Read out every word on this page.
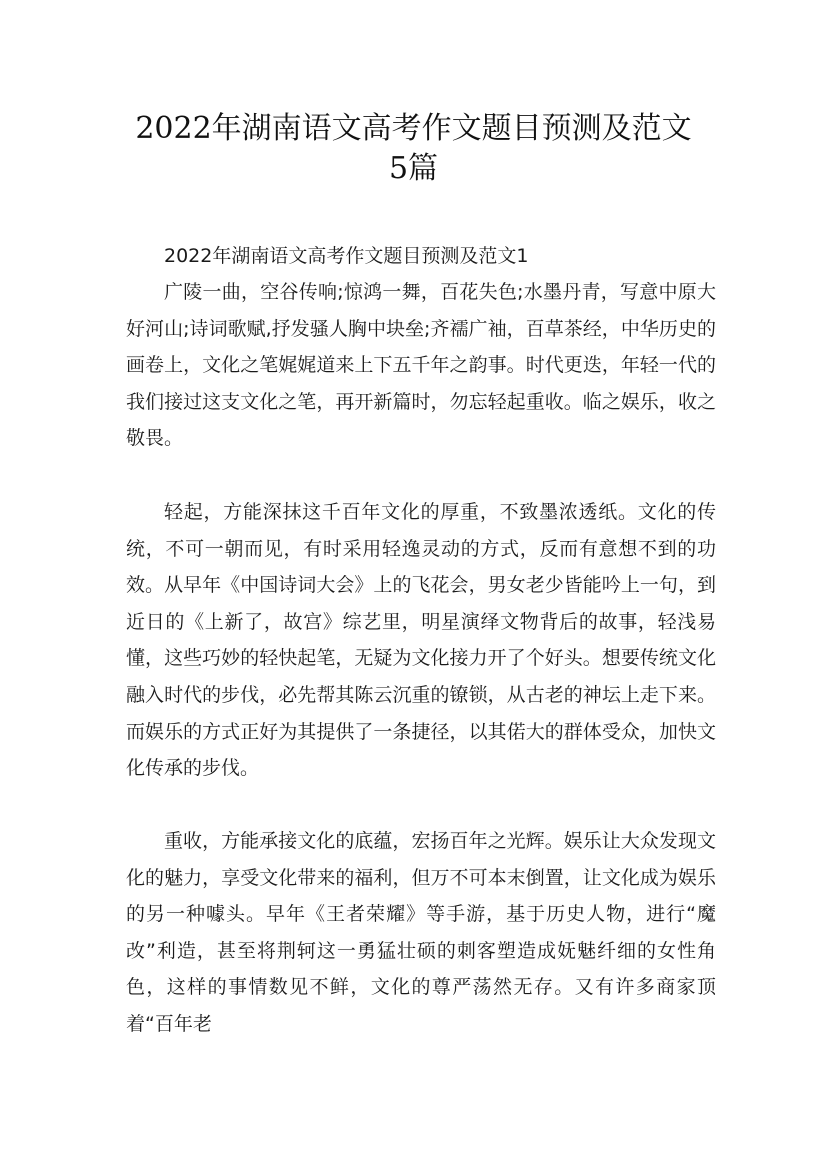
2022年湖南语文高考作文题目预测及范文
5篇
2022年湖南语文高考作文题目预测及范文1

广陵一曲，空谷传响;惊鸿一舞，百花失色;水墨丹青，写意中原大好河山;诗词歌赋,抒发骚人胸中块垒;齐襦广袖，百草茶经，中华历史的画卷上，文化之笔娓娓道来上下五千年之韵事。时代更迭，年轻一代的我们接过这支文化之笔，再开新篇时，勿忘轻起重收。临之娱乐，收之敬畏。

轻起，方能深抹这千百年文化的厚重，不致墨浓透纸。文化的传统，不可一朝而见，有时采用轻逸灵动的方式，反而有意想不到的功效。从早年《中国诗词大会》上的飞花会，男女老少皆能吟上一句，到近日的《上新了，故宫》综艺里，明星演绎文物背后的故事，轻浅易懂，这些巧妙的轻快起笔，无疑为文化接力开了个好头。想要传统文化融入时代的步伐，必先帮其陈云沉重的镣锁，从古老的神坛上走下来。而娱乐的方式正好为其提供了一条捷径，以其偌大的群体受众，加快文化传承的步伐。

重收，方能承接文化的底蕴，宏扬百年之光辉。娱乐让大众发现文化的魅力，享受文化带来的福利，但万不可本末倒置，让文化成为娱乐的另一种噱头。早年《王者荣耀》等手游，基于历史人物，进行“魔改”利造，甚至将荆轲这一勇猛壮硕的刺客塑造成妩魅纤细的女性角色，这样的事情数见不鲜，文化的尊严荡然无存。又有许多商家顶着“百年老
